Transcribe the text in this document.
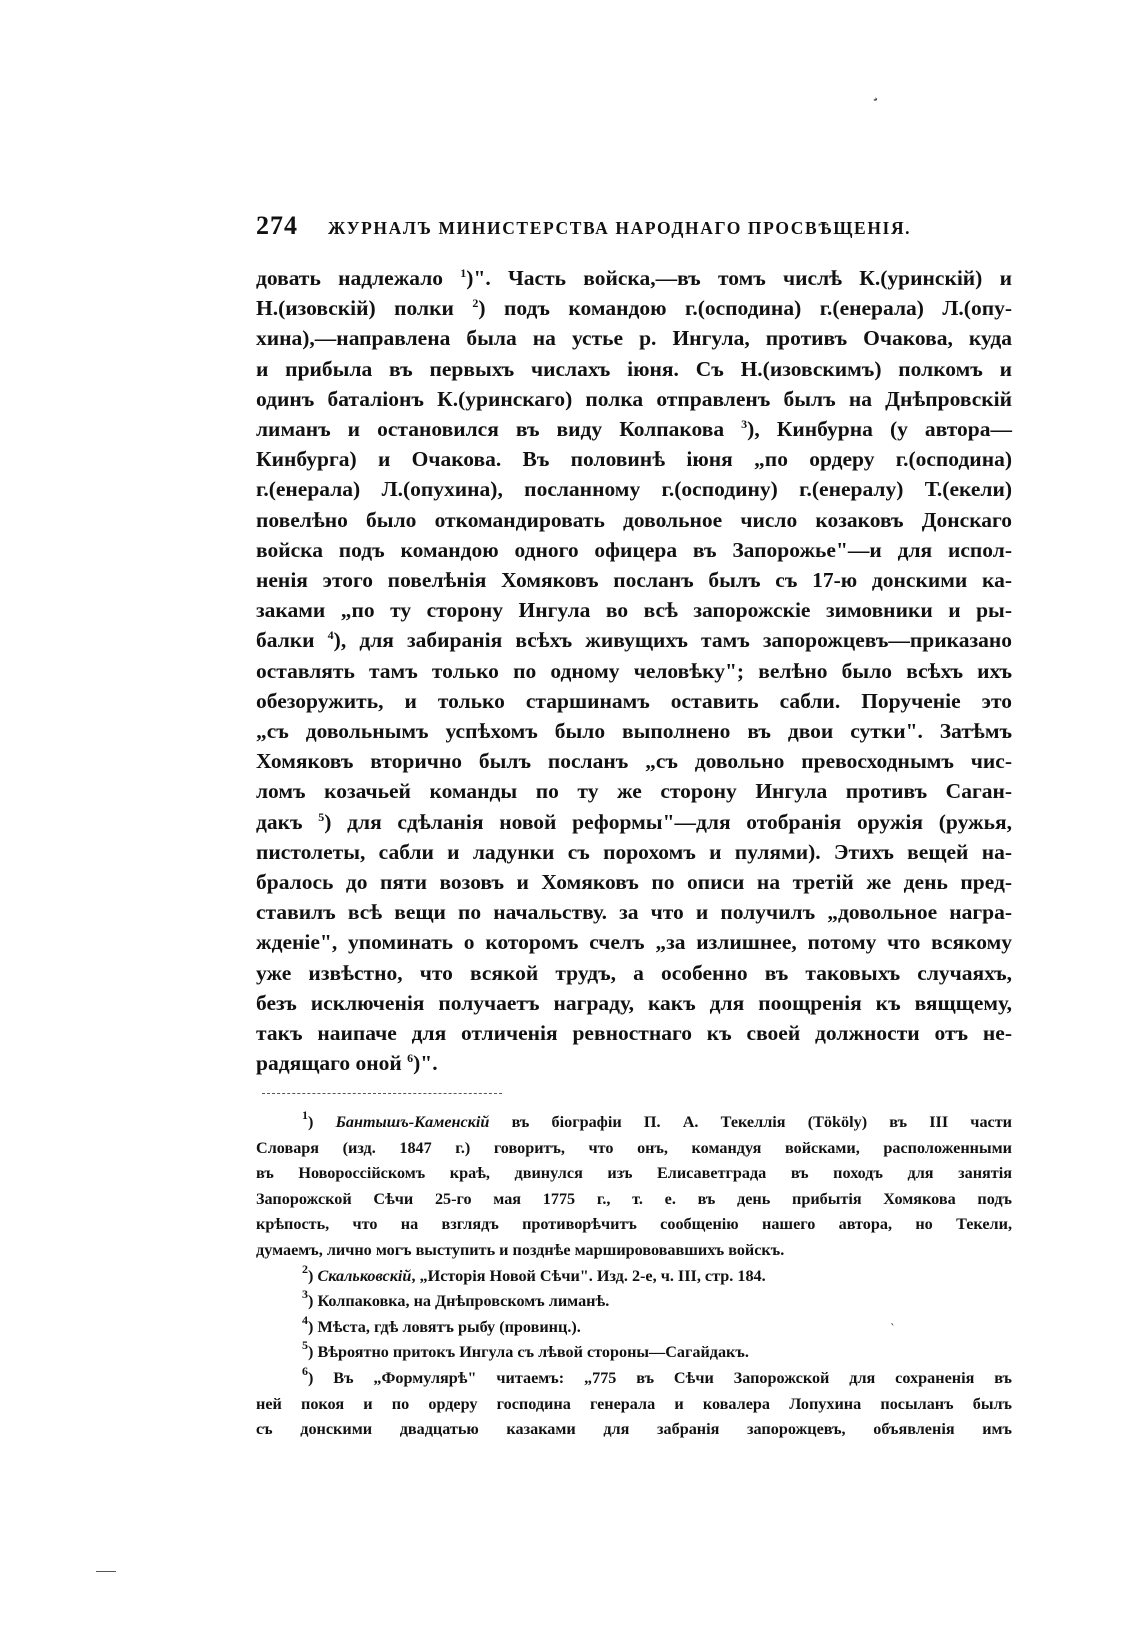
¸
274 ЖУРНАЛЪ МИНИСТЕРСТВА НАРОДНАГО ПРОСВѢЩЕНІЯ.
довать надлежало $^1$)". Часть войска,—въ томъ числѣ К.(уринскій) и
Н.(изовскій) полки $^2$) подъ командою г.(осподина) г.(енерала) Л.(опу-
хина),—направлена была на устье р. Ингула, противъ Очакова, куда
и прибыла въ первыхъ числахъ іюня. Съ Н.(изовскимъ) полкомъ и
одинъ баталіонъ К.(уринскаго) полка отправленъ былъ на Днѣпровскій
лиманъ и остановился въ виду Колпакова $^3$), Кинбурна (у автора—
Кинбурга) и Очакова. Въ половинѣ іюня „по ордеру г.(осподина)
г.(енерала) Л.(опухина), посланному г.(осподину) г.(енералу) Т.(екели)
повелѣно было откомандировать довольное число козаковъ Донскаго
войска подъ командою одного офицера въ Запорожье"—и для испол-
ненія этого повелѣнія Хомяковъ посланъ былъ съ 17-ю донскими ка-
заками „по ту сторону Ингула во всѣ запорожскіе зимовники и ры-
балки $^4$), для забиранія всѣхъ живущихъ тамъ запорожцевъ—приказано
оставлять тамъ только по одному человѣку"; велѣно было всѣхъ ихъ
обезоружить, и только старшинамъ оставить сабли. Порученіе это
„съ довольнымъ успѣхомъ было выполнено въ двои сутки". Затѣмъ
Хомяковъ вторично былъ посланъ „съ довольно превосходнымъ чис-
ломъ козачьей команды по ту же сторону Ингула противъ Саган-
дакъ $^5$) для сдѣланія новой реформы"—для отобранія оружія (ружья,
пистолеты, сабли и ладунки съ порохомъ и пулями). Этихъ вещей на-
бралось до пяти возовъ и Хомяковъ по описи на третій же день пред-
ставилъ всѣ вещи по начальству. за что и получилъ „довольное награ-
жденіе", упоминать о которомъ счелъ „за излишнее, потому что всякому
уже извѣстно, что всякой трудъ, а особенно въ таковыхъ случаяхъ,
безъ исключенія получаетъ награду, какъ для поощренія къ вящщему,
такъ наипаче для отличенія ревностнаго къ своей должности отъ не-
радящаго оной $^6$)".
$^1$) Бантышъ-Каменскій въ біографіи П. А. Текеллія (Tököly) въ III части
Словаря (изд. 1847 г.) говоритъ, что онъ, командуя войсками, расположенными
въ Новороссійскомъ краѣ, двинулся изъ Елисаветграда въ походъ для занятія
Запорожской Сѣчи 25-го мая 1775 г., т. е. въ день прибытія Хомякова подъ
крѣпость, что на взглядъ противорѣчитъ сообщенію нашего автора, но Текели,
думаемъ, лично могъ выступить и позднѣе марширововавшихъ войскъ.
$^2$) Скальковскій, „Исторія Новой Сѣчи". Изд. 2-е, ч. III, стр. 184.
$^3$) Колпаковка, на Днѣпровскомъ лиманѣ.
$^4$) Мѣста, гдѣ ловятъ рыбу (провинц.).
$^5$) Вѣроятно притокъ Ингула съ лѣвой стороны—Сагайдакъ.
$^6$) Въ „Формулярѣ" читаемъ: „775 въ Сѣчи Запорожской для сохраненія въ
ней покоя и по ордеру господина генерала и ковалера Лопухина посыланъ былъ
съ донскими двадцатью казаками для забранія запорожцевъ, объявленія имъ
`
